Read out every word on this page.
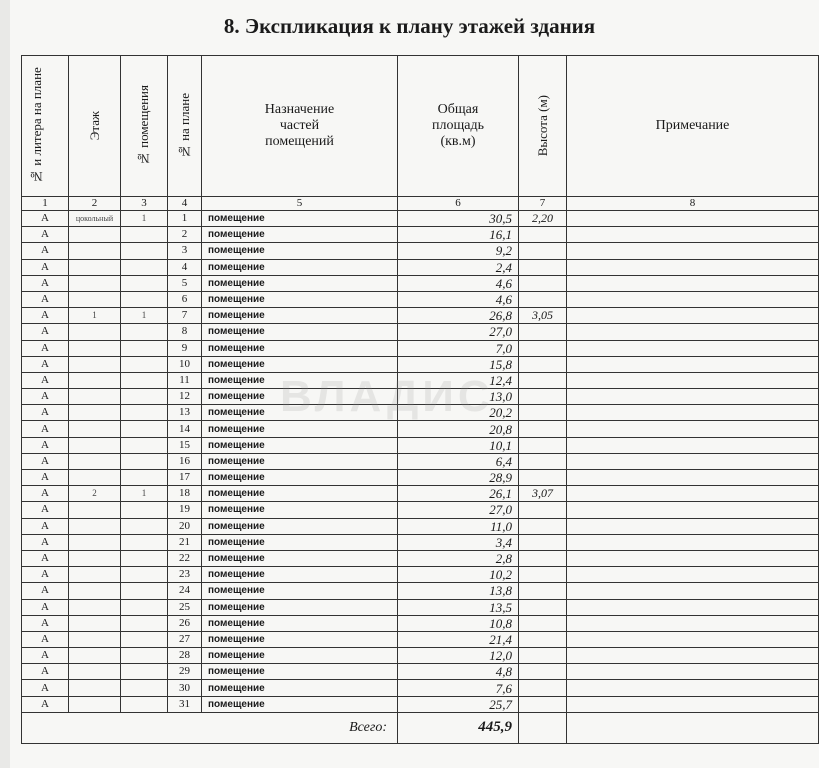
8. Экспликация к плану этажей здания
№ и литера на плане	Этаж	№ помещения	№ на плане	Назначение частей помещений	Общая площадь (кв.м)	Высота (м)	Примечание

1	2	3	4	5	6	7	8
А	цокольный	1	1	помещение	30,5	2,20	
А			2	помещение	16,1		
А			3	помещение	9,2		
А			4	помещение	2,4		
А			5	помещение	4,6		
А			6	помещение	4,6		
А	1	1	7	помещение	26,8	3,05	
А			8	помещение	27,0		
А			9	помещение	7,0		
А			10	помещение	15,8		
А			11	помещение	12,4		
А			12	помещение	13,0		
А			13	помещение	20,2		
А			14	помещение	20,8		
А			15	помещение	10,1		
А			16	помещение	6,4		
А			17	помещение	28,9		
А	2	1	18	помещение	26,1	3,07	
А			19	помещение	27,0		
А			20	помещение	11,0		
А			21	помещение	3,4		
А			22	помещение	2,8		
А			23	помещение	10,2		
А			24	помещение	13,8		
А			25	помещение	13,5		
А			26	помещение	10,8		
А			27	помещение	21,4		
А			28	помещение	12,0		
А			29	помещение	4,8		
А			30	помещение	7,6		
А			31	помещение	25,7		
Всего:					445,9		
ВЛАДИС
